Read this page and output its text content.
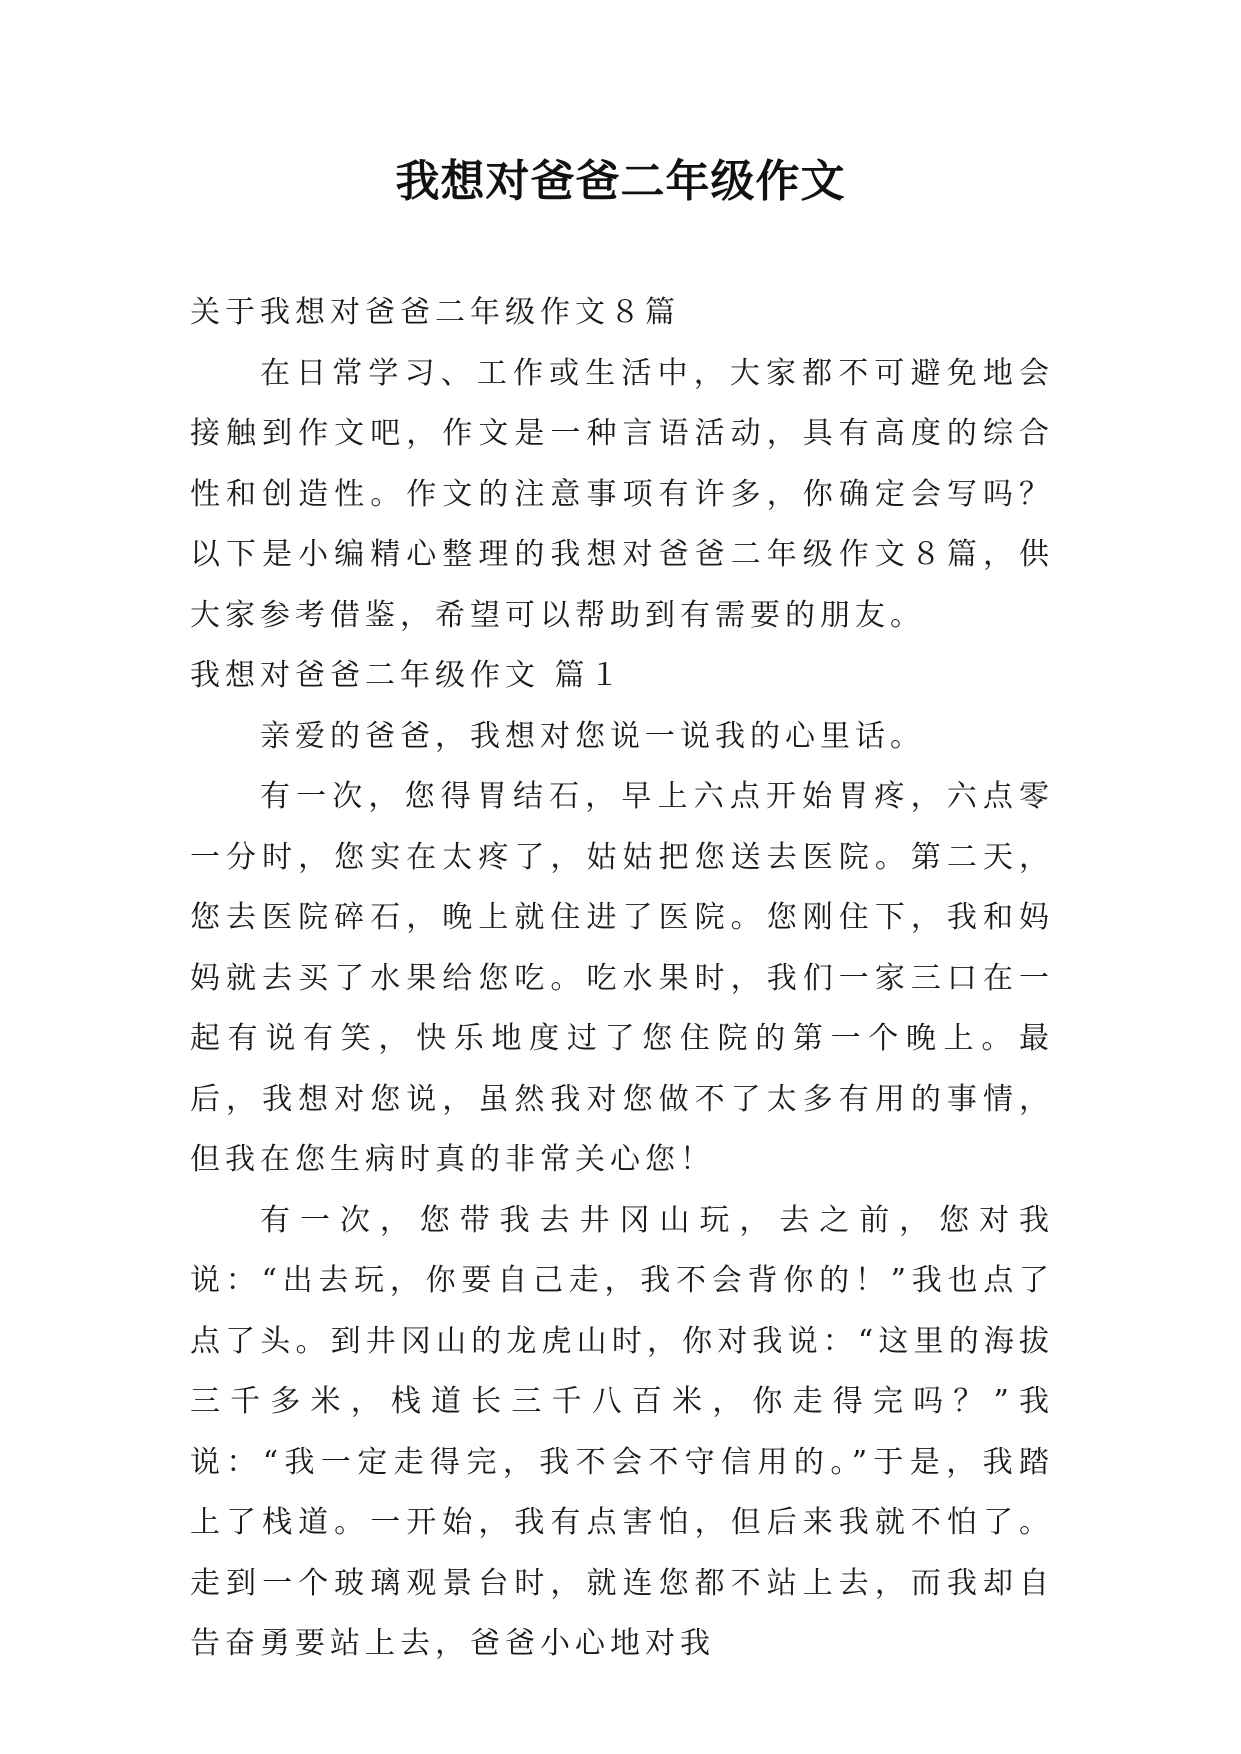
我想对爸爸二年级作文

关于我想对爸爸二年级作文８篇

在日常学习、工作或生活中，大家都不可避免地会接触到作文吧，作文是一种言语活动，具有高度的综合性和创造性。作文的注意事项有许多，你确定会写吗？以下是小编精心整理的我想对爸爸二年级作文８篇，供大家参考借鉴，希望可以帮助到有需要的朋友。

我想对爸爸二年级作文 篇１

亲爱的爸爸，我想对您说一说我的心里话。

有一次，您得胃结石，早上六点开始胃疼，六点零一分时，您实在太疼了，姑姑把您送去医院。第二天，您去医院碎石，晚上就住进了医院。您刚住下，我和妈妈就去买了水果给您吃。吃水果时，我们一家三口在一起有说有笑，快乐地度过了您住院的第一个晚上。最后，我想对您说，虽然我对您做不了太多有用的事情，但我在您生病时真的非常关心您！

有一次，您带我去井冈山玩，去之前，您对我说：“出去玩，你要自己走，我不会背你的！”我也点了点了头。到井冈山的龙虎山时，你对我说：“这里的海拔三千多米，栈道长三千八百米，你走得完吗？”我说：“我一定走得完，我不会不守信用的。”于是，我踏上了栈道。一开始，我有点害怕，但后来我就不怕了。走到一个玻璃观景台时，就连您都不站上去，而我却自告奋勇要站上去，爸爸小心地对我
